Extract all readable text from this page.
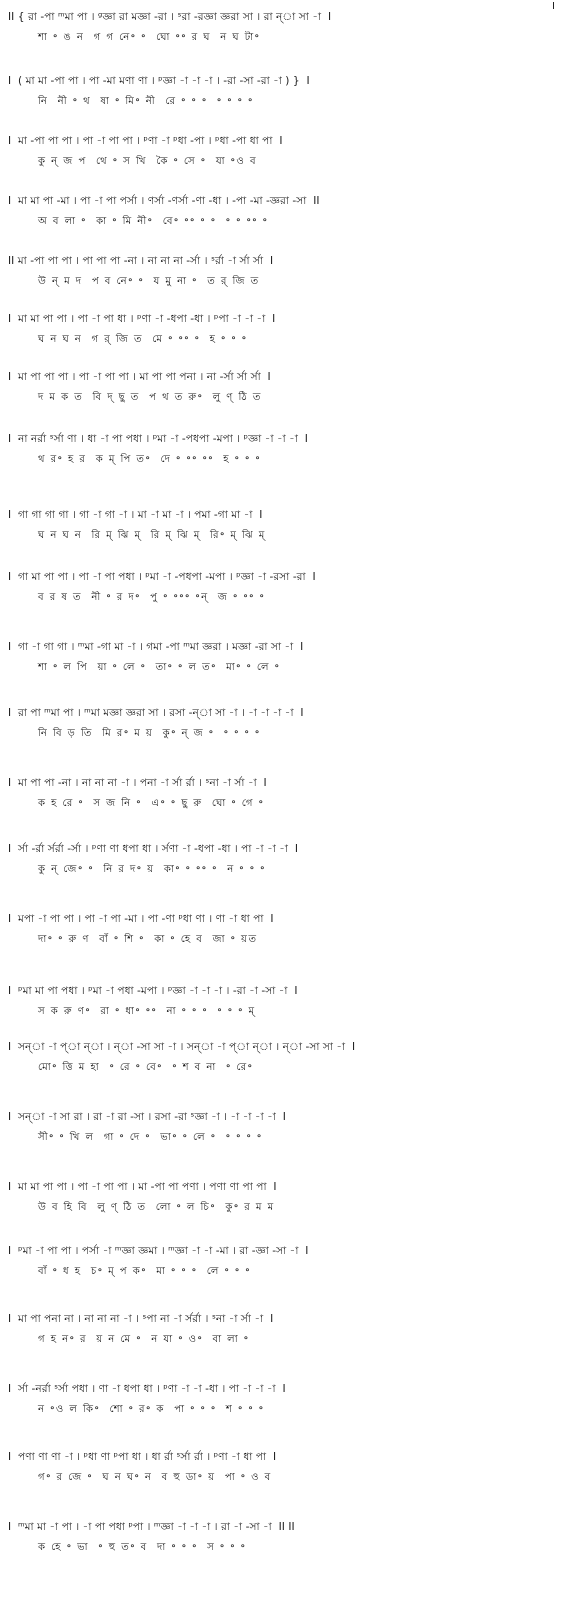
II { রা -পা ᵐমা পা । ᵍজ্ঞা রা মজ্ঞা -রা । ˢরা -রজ্ঞা জ্ঞরা সা । রা ন্‌া সা -া  I
শা ॰ ঙ ন  গ গ নে॰ ॰  ঘো ॰॰ র ঘ  ন ঘ টা॰
I  ( মা মা -পা পা । পা -মা মণা ণা । ᵖজ্ঞা -া -া -া । -রা -সা -রা -া ) }  I
নি  নী ॰ থ  ষা ॰ মি॰ নী  রে ॰ ॰ ॰  ॰ ॰ ॰ ॰
I  মা -পা পা পা । পা -া পা পা । ᵖণা -া ᵖধা -পা । ᵖধা -পা ধা পা  I
কু ন্‌ জ প  থে ॰ স খি  কৈ ॰ সে ॰  যা ॰ও ব
I  মা মা পা -মা । পা -া পা পর্সা । ণর্সা -ণর্সা -ণা -ধা । -পা -মা -জ্ঞরা -সা  II
অ ব লা ॰  কা ॰ মি নী॰  বে॰ ॰॰ ॰ ॰  ॰ ॰ ॰॰ ॰
II মা -পা পা পা । পা পা পা -না । না না না -র্সা । ˢর্রা -া র্সা র্সা  I
উ ন্‌ ম দ  প ব নে॰ ॰  য মু না ॰  ত র্‌ জি ত
I  মা মা পা পা । পা -া পা ধা । ᵖণা -া -ধপা -ধা । ᵖপা -া -া -া  I
ঘ ন ঘ ন  গ র্‌ জি ত  মে ॰ ॰॰ ॰  হ ॰ ॰ ॰
I  মা পা পা পা । পা -া পা পা । মা পা পা পনা । না -র্সা র্সা র্সা  I
দ ম ক ত  বি দ্‌ ছু ত  প থ ত রু॰  লু ণ্‌ ঠি ত
I  না নর্রা ˢর্সা ণা । ধা -া পা পধা । ᵖমা -া -পধপা -মপা । ᵖজ্ঞা -া -া -া  I
থ র॰ হ র  ক ম্‌ পি ত॰  দে ॰ ॰॰ ॰॰  হ ॰ ॰ ॰
I  গা গা গা গা । গা -া গা -া । মা -া মা -া । পমা -গা মা -া  I
ঘ ন ঘ ন  রি ম্‌ ঝি ম্‌  রি ম্‌ ঝি ম্‌  রি॰ ম্‌ ঝি ম্‌
I  গা মা পা পা । পা -া পা পধা । ᵖমা -া -পধপা -মপা । ᵖজ্ঞা -া -রসা -রা  I
ব র ষ ত  নী ॰ র দ॰  পু ॰ ॰॰॰ ॰ন্‌  জ ॰ ॰॰ ॰
I  গা -া গা গা । ᵐমা -গা মা -া । গমা -পা ᵐমা জ্ঞরা । মজ্ঞা -রা সা -া  I
শা ॰ ল পি  য়া ॰ লে ॰  তা॰ ॰ ল ত॰  মা॰ ॰ লে ॰
I  রা পা ᵐমা পা । ᵐমা মজ্ঞা জ্ঞরা সা । রসা -ন্‌া সা -া । -া -া -া -া  I
নি বি ড় তি  মি র॰ ম য়  কু॰ ন্‌ জ ॰  ॰ ॰ ॰ ॰
I  মা পা পা -না । না না না -া । পনা -া র্সা র্রা । ˢনা -া র্সা -া  I
ক হ রে ॰  স জ নি ॰  এ॰ ॰ ছু রু  ঘো ॰ গে ॰
I  র্সা -র্রা র্সর্রা -র্সা । ᵖণা ণা ধপা ধা । র্সণা -া -ধপা -ধা । পা -া -া -া  I
কু ন্‌ জে॰ ॰  নি র দ॰ য়  কা॰ ॰ ॰॰ ॰  ন ॰ ॰ ॰
I  মপা -া পা পা । পা -া পা -মা । পা -ণা ᵖধা ণা । ণা -া ধা পা  I
দা॰ ॰ রু ণ  বাঁ ॰ শি ॰  কা ॰ হে ব  জা ॰ য়ত
I  ᵖমা মা পা পধা । ᵖমা -া পধা -মপা । ᵖজ্ঞা -া -া -া । -রা -া -সা -া  I
স ক রু ণ॰  রা ॰ ধা॰ ॰॰  না ॰ ॰ ॰  ॰ ॰ ॰ ম্‌
I  সন্‌া -া প্‌া ন্‌া । ন্‌া -সা সা -া । সন্‌া -া প্‌া ন্‌া । ন্‌া -সা সা -া  I
মো॰ ত্তি ম হা  ॰ রে ॰ বে॰  ॰ শ ব না  ॰ রে॰
I  সন্‌া -া সা রা । রা -া রা -সা । রসা -রা ˢজ্ঞা -া । -া -া -া -া  I
সী॰ ॰ খি ল  গা ॰ দে ॰  ভা॰ ॰ লে ॰  ॰ ॰ ॰ ॰
I  মা মা পা পা । পা -া পা পা । মা -পা পা পণা । পণা ণা পা পা  I
উ ব হি বি  লু ণ্‌ ঠি ত  লো ॰ ল চি॰  কু॰ র ম ম
I  ᵖমা -া পা পা । পর্সা -া ᵐজ্ঞা জ্ঞমা । ᵐজ্ঞা -া -া -মা । রা -জ্ঞা -সা -া  I
বাঁ ॰ ধ হ  চ॰ ম্‌ প ক॰  মা ॰ ॰ ॰  লে ॰ ॰ ॰
I  মা পা পনা না । না না না -া । ˢপা না -া র্সর্রা । ˢনা -া র্সা -া  I
গ হ ন॰ র  য় ন মে ॰  ন যা ॰ ও॰  বা লা ॰
I  র্সা -নর্রা ˢর্সা পধা । ণা -া ধপা ধা । ᵖণা -া -া -ধা । পা -া -া -া  I
ন ॰ও ল কি॰  শো ॰ র॰ ক  পা ॰ ॰ ॰  শ ॰ ॰ ॰
I  পণা ণা ণা -া । ᵖধা ণা ᵖপা ধা । ধা র্রা ˢর্সা র্রা । ᵖণা -া ধা পা  I
গ॰ র জে ॰  ঘ ন ঘ॰ ন  ব হু ডা॰ য়  পা ॰ ও ব
I  ᵐমা মা -া পা । -া পা পধা ᵖপা । ᵐজ্ঞা -া -া -া । রা -া -সা -া  II II
ক হে ॰ ভা  ॰ হু ত॰ ব  দা ॰ ॰ ॰  স ॰ ॰ ॰
